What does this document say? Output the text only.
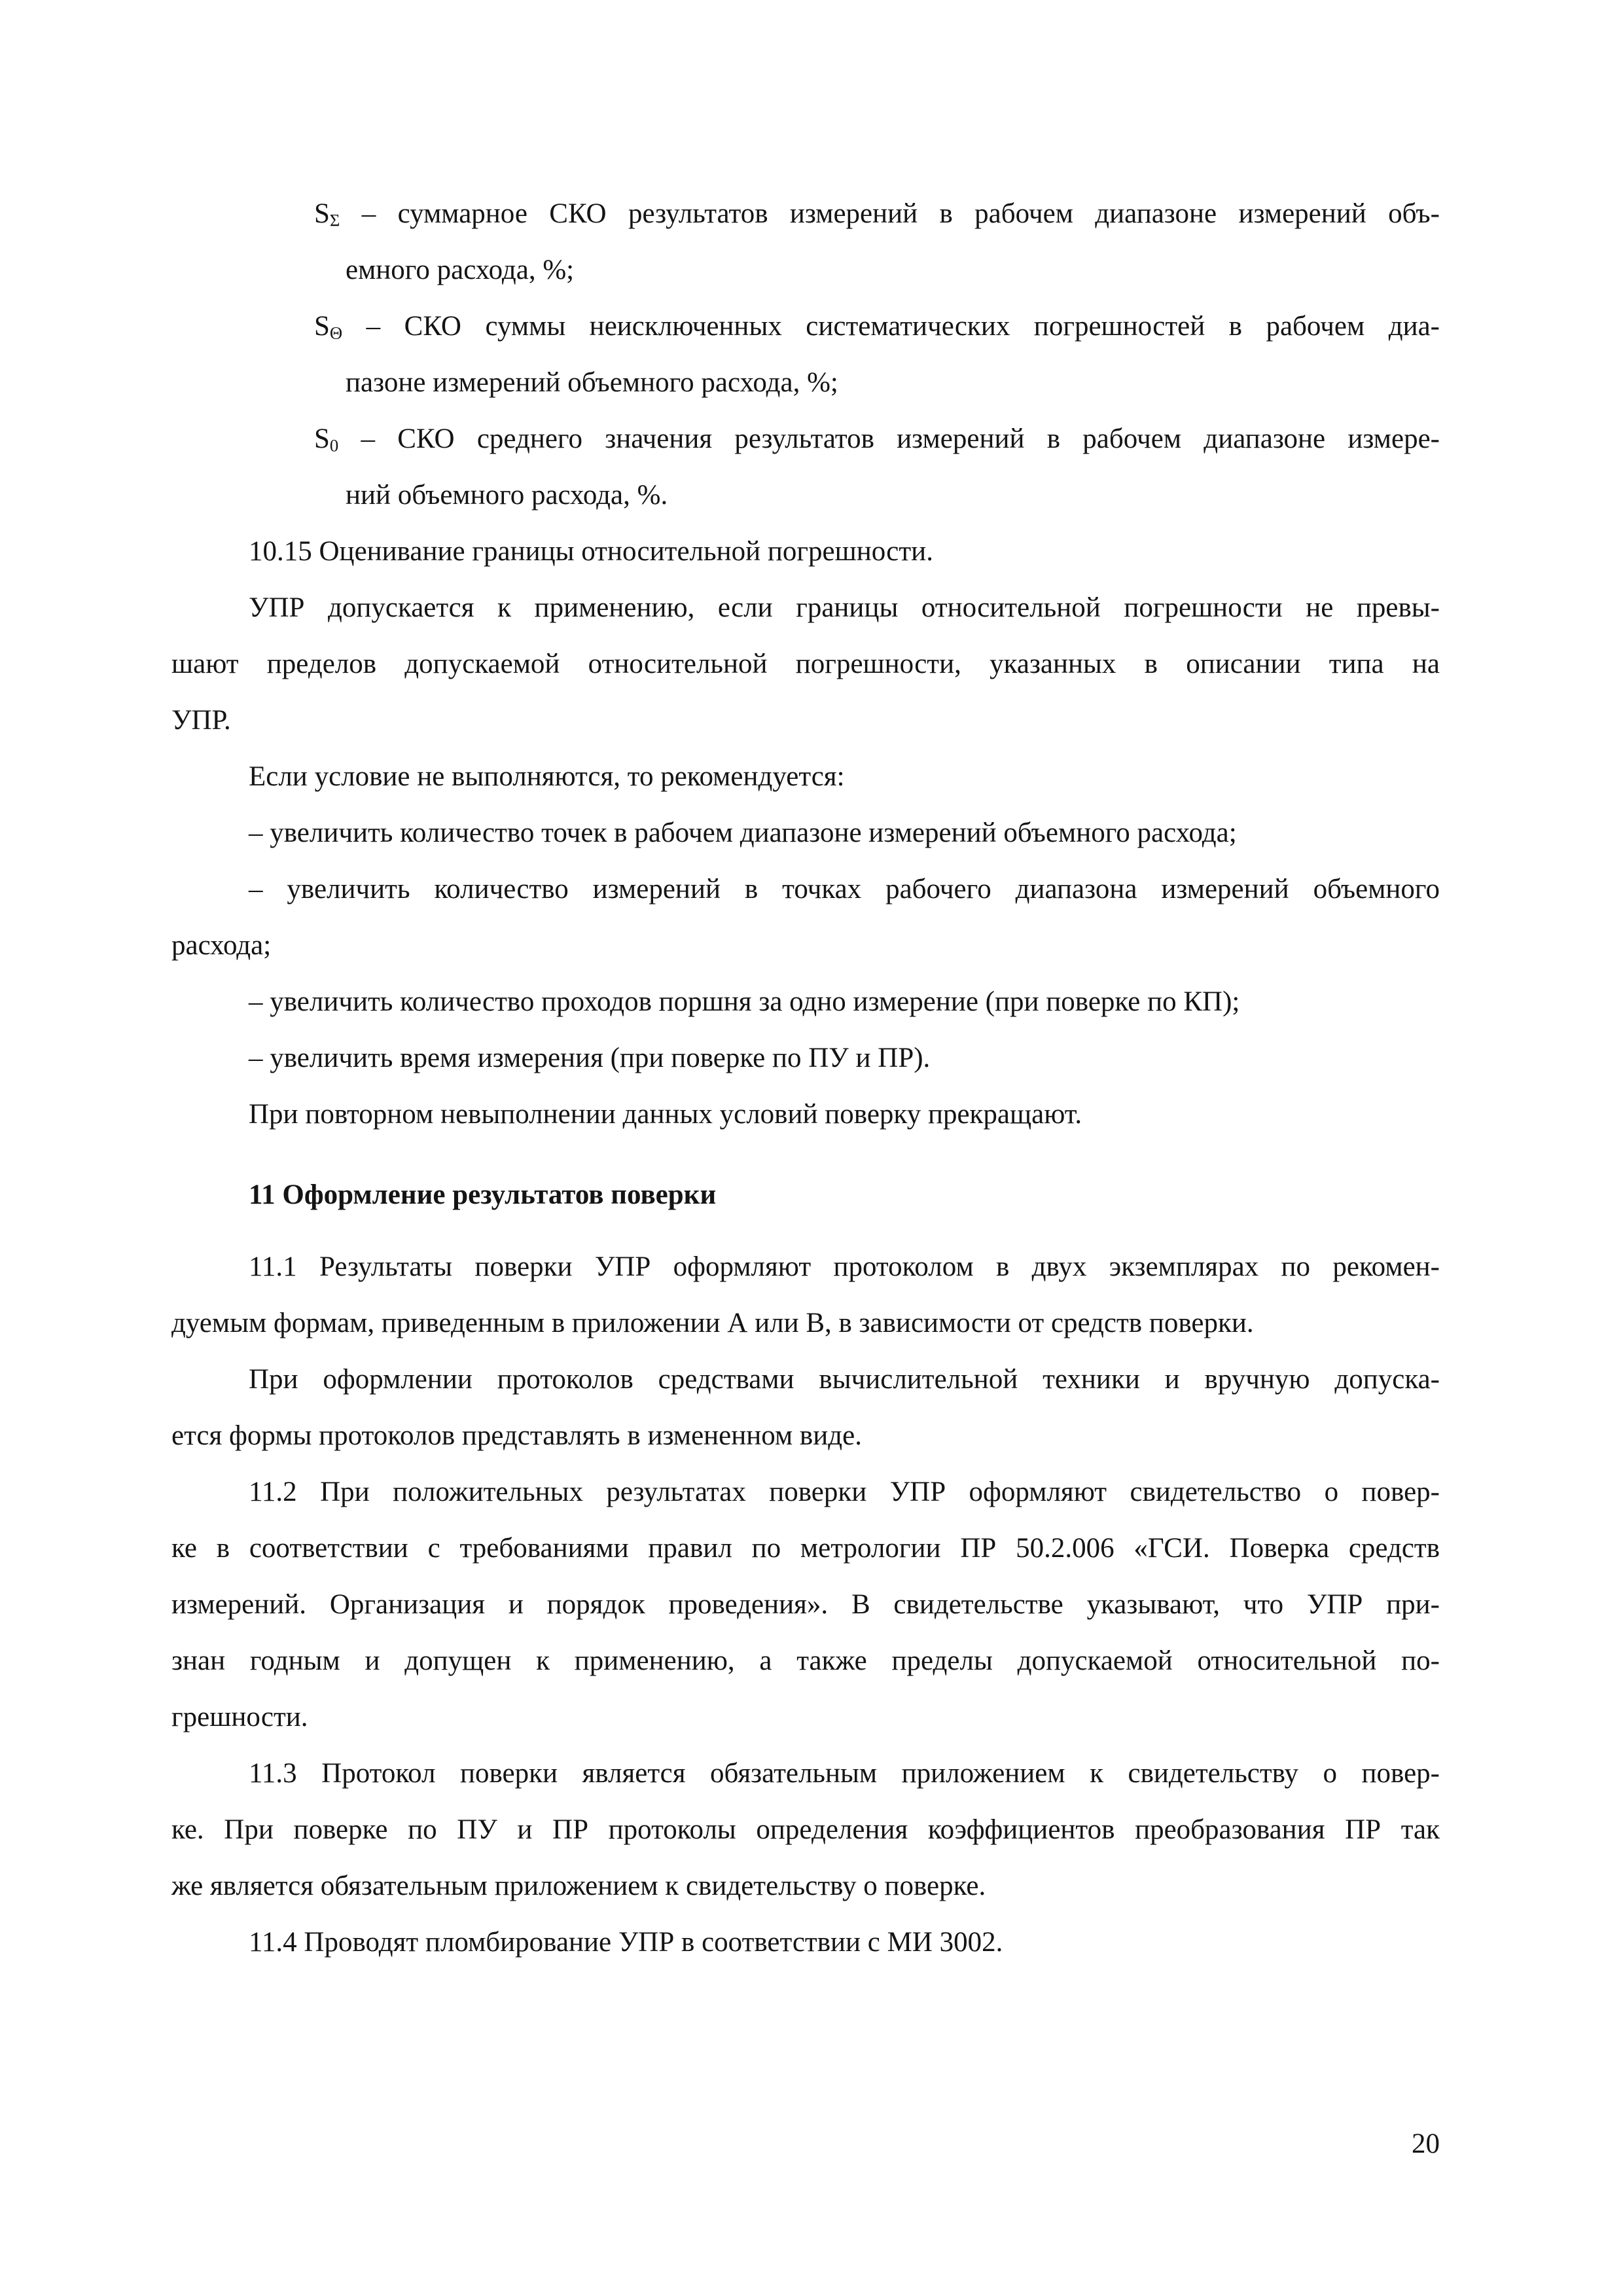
$S_\Sigma$ – суммарное СКО результатов измерений в рабочем диапазоне измерений объ-

емного расхода, %;

$S_\Theta$ – СКО суммы неисключенных систематических погрешностей в рабочем диа-

пазоне измерений объемного расхода, %;

$S_0$ – СКО среднего значения результатов измерений в рабочем диапазоне измере-

ний объемного расхода, %.

10.15 Оценивание границы относительной погрешности.

УПР допускается к применению, если границы относительной погрешности не превы-

шают пределов допускаемой относительной погрешности, указанных в описании типа на

УПР.

Если условие не выполняются, то рекомендуется:

– увеличить количество точек в рабочем диапазоне измерений объемного расхода;

– увеличить количество измерений в точках рабочего диапазона измерений объемного

расхода;

– увеличить количество проходов поршня за одно измерение (при поверке по КП);

– увеличить время измерения (при поверке по ПУ и ПР).

При повторном невыполнении данных условий поверку прекращают.

11 Оформление результатов поверки

11.1 Результаты поверки УПР оформляют протоколом в двух экземплярах по рекомен-

дуемым формам, приведенным в приложении А или В, в зависимости от средств поверки.

При оформлении протоколов средствами вычислительной техники и вручную допуска-

ется формы протоколов представлять в измененном виде.

11.2 При положительных результатах поверки УПР оформляют свидетельство о повер-

ке в соответствии с требованиями правил по метрологии ПР 50.2.006 «ГСИ. Поверка средств

измерений. Организация и порядок проведения». В свидетельстве указывают, что УПР при-

знан годным и допущен к применению, а также пределы допускаемой относительной по-

грешности.

11.3 Протокол поверки является обязательным приложением к свидетельству о повер-

ке. При поверке по ПУ и ПР протоколы определения коэффициентов преобразования ПР так

же является обязательным приложением к свидетельству о поверке.

11.4 Проводят пломбирование УПР в соответствии с МИ 3002.

20
